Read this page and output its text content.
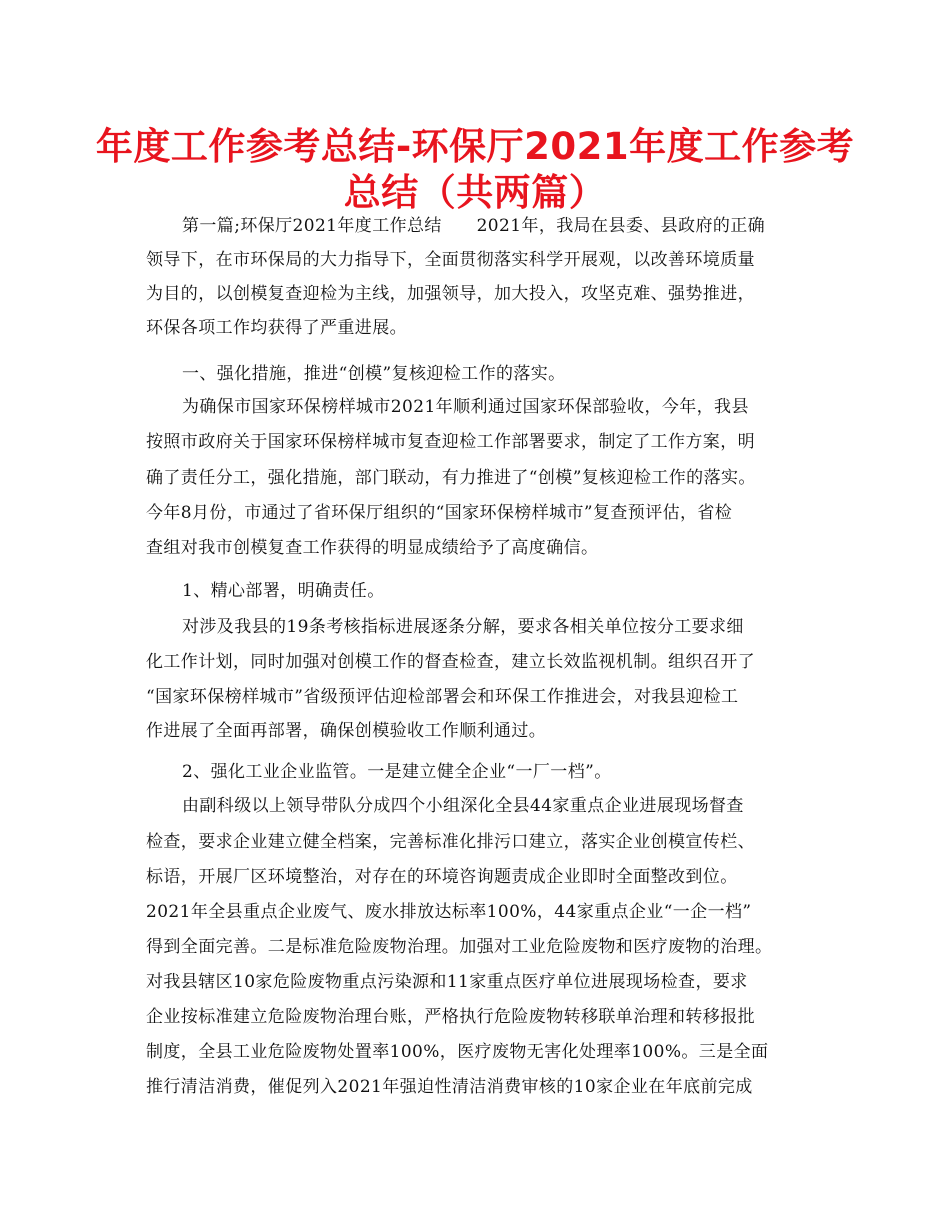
年度工作参考总结-环保厅2021年度工作参考
总结（共两篇）

第一篇;环保厅2021年度工作总结　　2021年，我局在县委、县政府的正确

领导下，在市环保局的大力指导下，全面贯彻落实科学开展观，以改善环境质量

为目的，以创模复查迎检为主线，加强领导，加大投入，攻坚克难、强势推进，

环保各项工作均获得了严重进展。

一、强化措施，推进“创模”复核迎检工作的落实。

为确保市国家环保榜样城市2021年顺利通过国家环保部验收，今年，我县

按照市政府关于国家环保榜样城市复查迎检工作部署要求，制定了工作方案，明

确了责任分工，强化措施，部门联动，有力推进了“创模”复核迎检工作的落实。

今年8月份，市通过了省环保厅组织的“国家环保榜样城市”复查预评估，省检

查组对我市创模复查工作获得的明显成绩给予了高度确信。

1、精心部署，明确责任。

对涉及我县的19条考核指标进展逐条分解，要求各相关单位按分工要求细

化工作计划，同时加强对创模工作的督查检查，建立长效监视机制。组织召开了

“国家环保榜样城市”省级预评估迎检部署会和环保工作推进会，对我县迎检工

作进展了全面再部署，确保创模验收工作顺利通过。

2、强化工业企业监管。一是建立健全企业“一厂一档”。

由副科级以上领导带队分成四个小组深化全县44家重点企业进展现场督查

检查，要求企业建立健全档案，完善标准化排污口建立，落实企业创模宣传栏、

标语，开展厂区环境整治，对存在的环境咨询题责成企业即时全面整改到位。

2021年全县重点企业废气、废水排放达标率100%，44家重点企业“一企一档”

得到全面完善。二是标准危险废物治理。加强对工业危险废物和医疗废物的治理。

对我县辖区10家危险废物重点污染源和11家重点医疗单位进展现场检查，要求

企业按标准建立危险废物治理台账，严格执行危险废物转移联单治理和转移报批

制度，全县工业危险废物处置率100%，医疗废物无害化处理率100%。三是全面

推行清洁消费，催促列入2021年强迫性清洁消费审核的10家企业在年底前完成
